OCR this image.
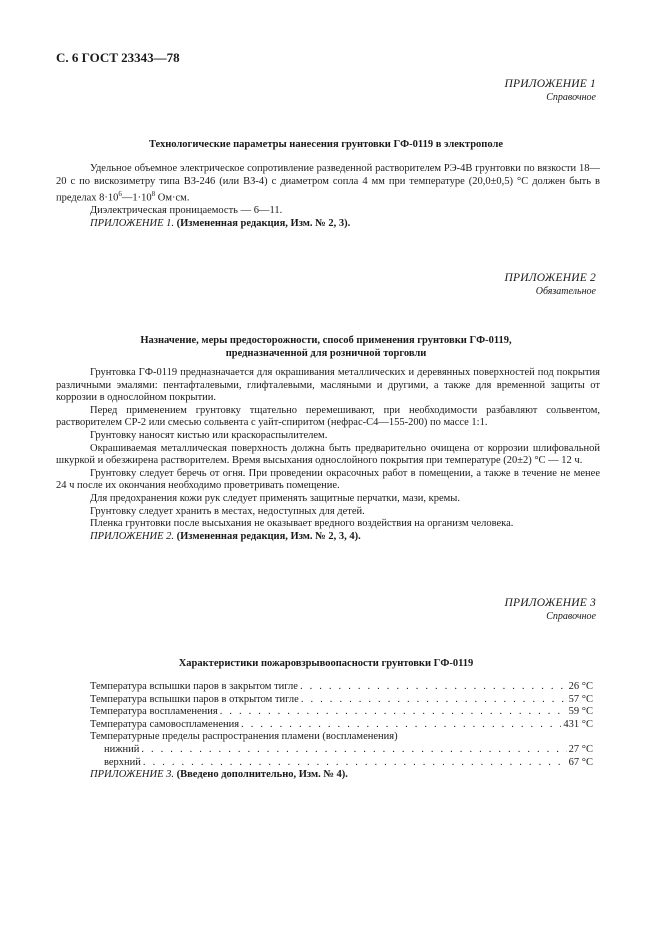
С. 6 ГОСТ 23343—78
ПРИЛОЖЕНИЕ 1
Справочное
Технологические параметры нанесения грунтовки ГФ-0119 в электрополе

Удельное объемное электрическое сопротивление разведенной растворителем РЭ-4В грунтовки по вязкости 18—20 с по вискозиметру типа ВЗ-246 (или ВЗ-4) с диаметром сопла 4 мм при температуре (20,0±0,5) °С должен быть в пределах $8\cdot 10^6—1\cdot 10^8$ Ом·см.

Диэлектрическая проницаемость — 6—11.

ПРИЛОЖЕНИЕ 1. (Измененная редакция, Изм. № 2, 3).

ПРИЛОЖЕНИЕ 2
Обязательное
Назначение, меры предосторожности, способ применения грунтовки ГФ-0119,
предназначенной для розничной торговли

Грунтовка ГФ-0119 предназначается для окрашивания металлических и деревянных поверхностей под покрытия различными эмалями: пентафталевыми, глифталевыми, масляными и другими, а также для временной защиты от коррозии в однослойном покрытии.

Перед применением грунтовку тщательно перемешивают, при необходимости разбавляют сольвентом, растворителем СР-2 или смесью сольвента с уайт-спиритом (нефрас-С4—155-200) по массе 1:1.

Грунтовку наносят кистью или краскораспылителем.

Окрашиваемая металлическая поверхность должна быть предварительно очищена от коррозии шлифовальной шкуркой и обезжирена растворителем. Время высыхания однослойного покрытия при температуре (20±2) °С — 12 ч.

Грунтовку следует беречь от огня. При проведении окрасочных работ в помещении, а также в течение не менее 24 ч после их окончания необходимо проветривать помещение.

Для предохранения кожи рук следует применять защитные перчатки, мази, кремы.

Грунтовку следует хранить в местах, недоступных для детей.

Пленка грунтовки после высыхания не оказывает вредного воздействия на организм человека.

ПРИЛОЖЕНИЕ 2. (Измененная редакция, Изм. № 2, 3, 4).

ПРИЛОЖЕНИЕ 3
Справочное
Характеристики пожаровзрывоопасности грунтовки ГФ-0119
Температура вспышки паров в закрытом тигле . . .	26 °С
Температура вспышки паров в открытом тигле . . .	57 °С
Температура воспламенения . . .	59 °С
Температура самовоспламенения . . .	431 °С
Температурные пределы распространения пламени (воспламенения)
нижний . . .	27 °С
верхний . . .	67 °С

ПРИЛОЖЕНИЕ 3. (Введено дополнительно, Изм. № 4).
